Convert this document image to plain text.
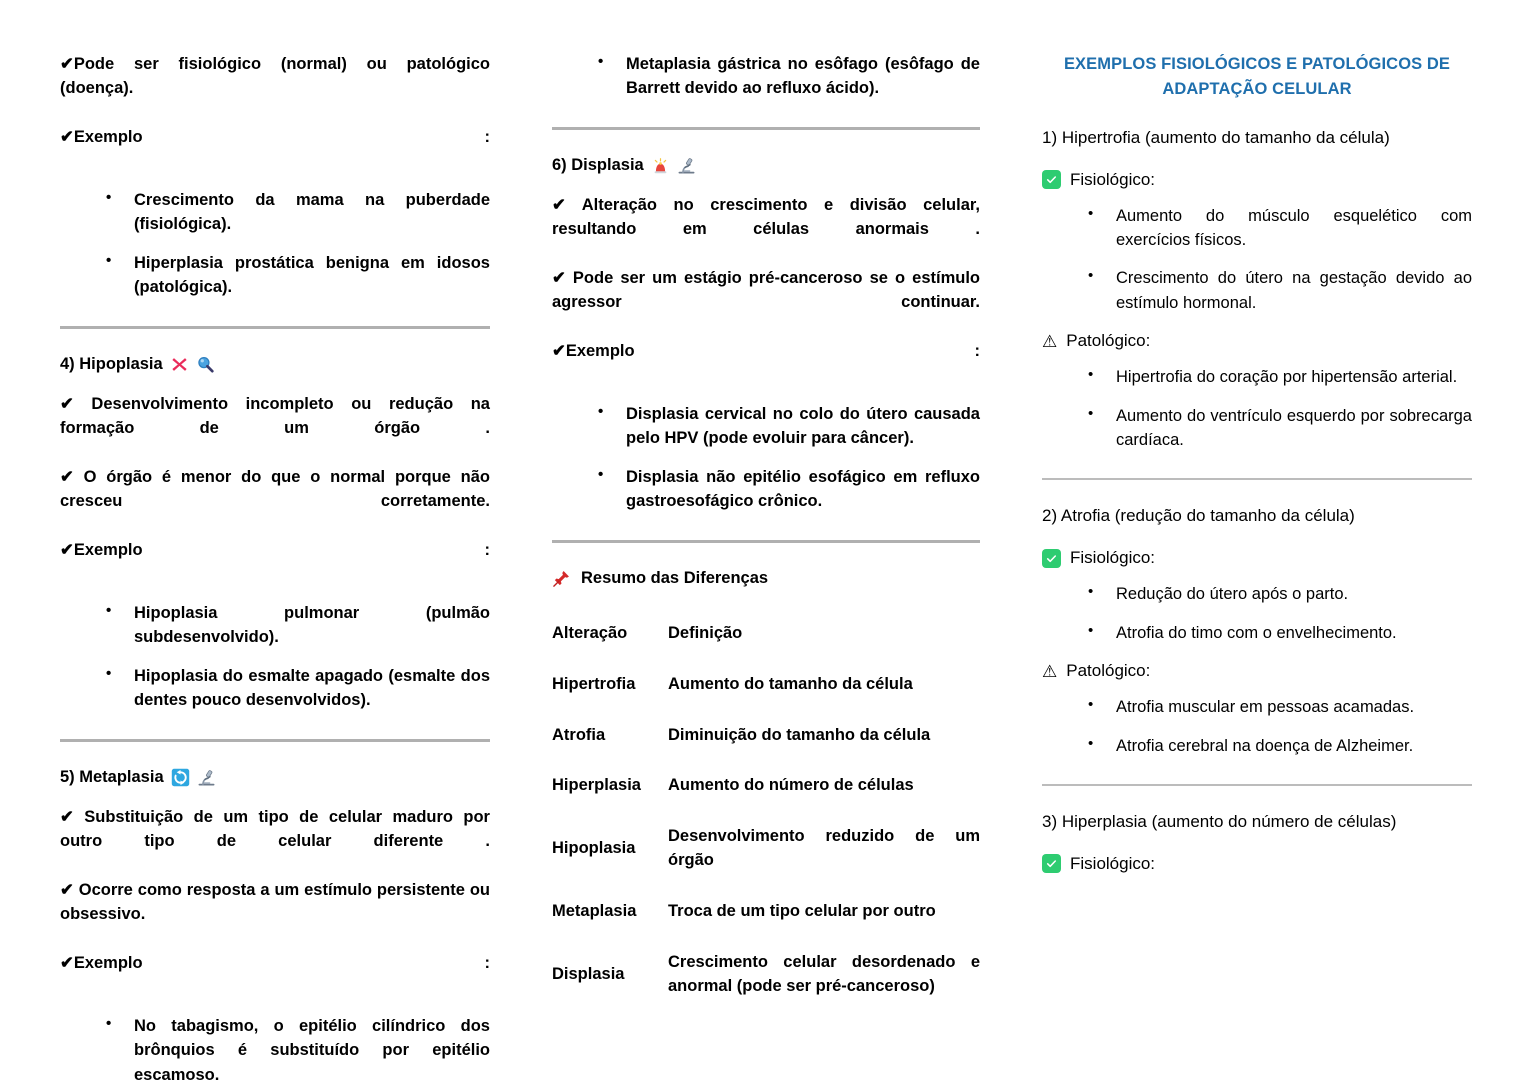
✔Pode ser fisiológico (normal) ou patológico (doença).

✔Exemplo :

• Crescimento da mama na puberdade (fisiológica).
• Hiperplasia prostática benigna em idosos (patológica).
4) Hipoplasia

✔ Desenvolvimento incompleto ou redução na formação de um órgão .

✔ O órgão é menor do que o normal porque não cresceu corretamente.

✔Exemplo :

• Hipoplasia pulmonar (pulmão subdesenvolvido).
• Hipoplasia do esmalte apagado (esmalte dos dentes pouco desenvolvidos).
5) Metaplasia

✔ Substituição de um tipo de celular maduro por outro tipo de celular diferente .

✔ Ocorre como resposta a um estímulo persistente ou obsessivo.

✔Exemplo :

• No tabagismo, o epitélio cilíndrico dos brônquios é substituído por epitélio escamoso.
• Metaplasia gástrica no esôfago (esôfago de Barrett devido ao refluxo ácido).
6) Displasia

✔ Alteração no crescimento e divisão celular, resultando em células anormais .

✔ Pode ser um estágio pré-canceroso se o estímulo agressor continuar.

✔Exemplo :

• Displasia cervical no colo do útero causada pelo HPV (pode evoluir para câncer).
• Displasia não epitélio esofágico em refluxo gastroesofágico crônico.
Resumo das Diferenças
Alteração	Definição
Hipertrofia	Aumento do tamanho da célula
Atrofia	Diminuição do tamanho da célula
Hiperplasia	Aumento do número de células
Hipoplasia	Desenvolvimento reduzido de um órgão
Metaplasia	Troca de um tipo celular por outro
Displasia	Crescimento celular desordenado e anormal (pode ser pré-canceroso)
EXEMPLOS FISIOLÓGICOS E PATOLÓGICOS DE ADAPTAÇÃO CELULAR

1) Hipertrofia (aumento do tamanho da célula)

Fisiológico:
• Aumento do músculo esquelético com exercícios físicos.
• Crescimento do útero na gestação devido ao estímulo hormonal.
⚠ Patológico:
• Hipertrofia do coração por hipertensão arterial.
• Aumento do ventrículo esquerdo por sobrecarga cardíaca.

2) Atrofia (redução do tamanho da célula)

Fisiológico:
• Redução do útero após o parto.
• Atrofia do timo com o envelhecimento.
⚠ Patológico:
• Atrofia muscular em pessoas acamadas.
• Atrofia cerebral na doença de Alzheimer.

3) Hiperplasia (aumento do número de células)

Fisiológico:
